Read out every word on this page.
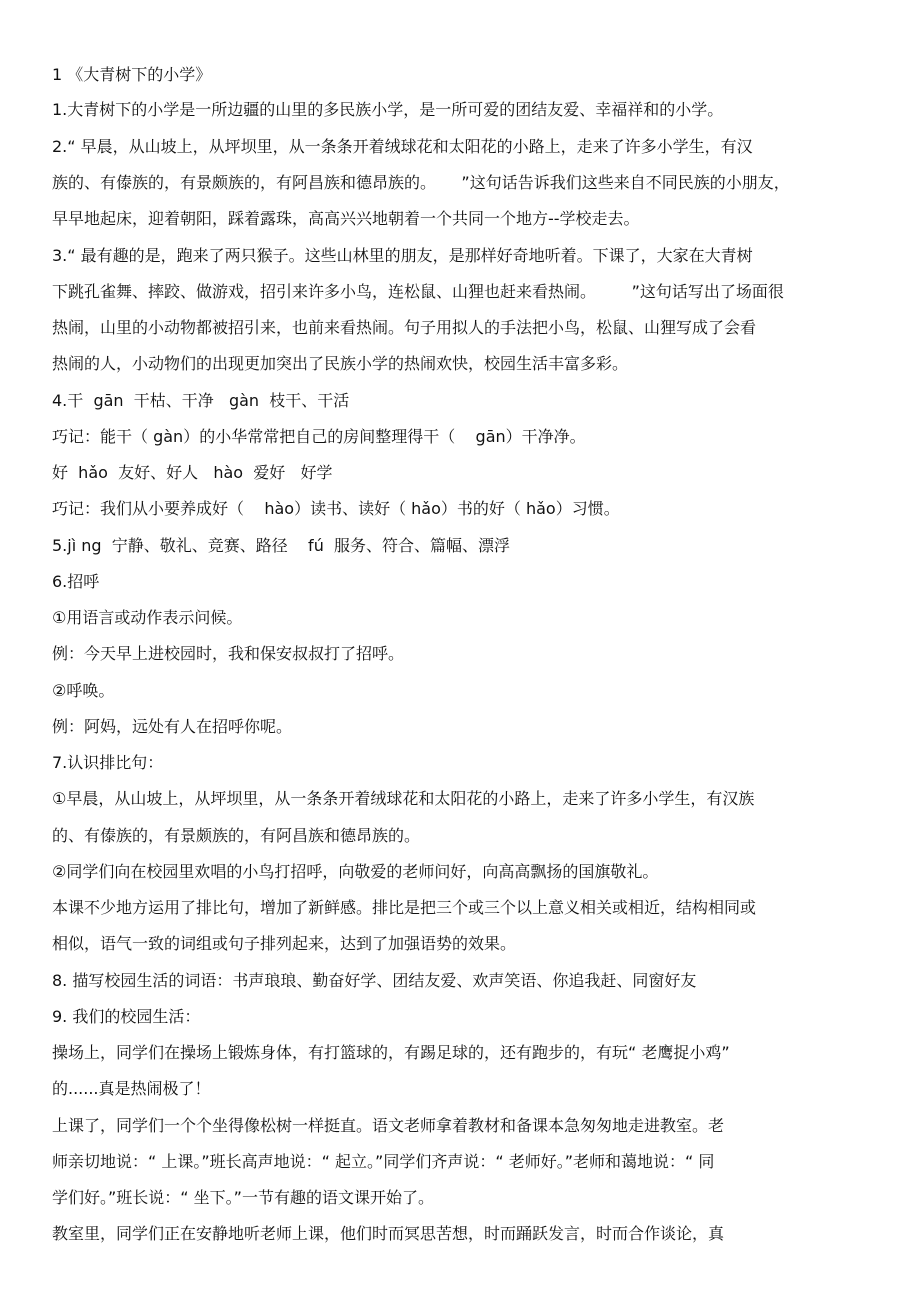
1 《大青树下的小学》

1.大青树下的小学是一所边疆的山里的多民族小学，是一所可爱的团结友爱、幸福祥和的小学。

2.“ 早晨，从山坡上，从坪坝里，从一条条开着绒球花和太阳花的小路上，走来了许多小学生，有汉

族的、有傣族的，有景颇族的，有阿昌族和德昂族的。     ”这句话告诉我们这些来自不同民族的小朋友，

早早地起床，迎着朝阳，踩着露珠，高高兴兴地朝着一个共同一个地方--学校走去。

3.“ 最有趣的是，跑来了两只猴子。这些山林里的朋友，是那样好奇地听着。下课了，大家在大青树

下跳孔雀舞、摔跤、做游戏，招引来许多小鸟，连松鼠、山狸也赶来看热闹。       ”这句话写出了场面很

热闹，山里的小动物都被招引来，也前来看热闹。句子用拟人的手法把小鸟，松鼠、山狸写成了会看

热闹的人，小动物们的出现更加突出了民族小学的热闹欢快，校园生活丰富多彩。

4.干  gān  干枯、干净   gàn  枝干、干活

巧记：能干（ gàn）的小华常常把自己的房间整理得干（    gān）干净净。

好  hǎo  友好、好人   hào  爱好   好学

巧记：我们从小要养成好（    hào）读书、读好（ hǎo）书的好（ hǎo）习惯。

5.jì ng  宁静、敬礼、竞赛、路径    fú  服务、符合、篇幅、漂浮

6.招呼

①用语言或动作表示问候。

例：今天早上进校园时，我和保安叔叔打了招呼。

②呼唤。

例：阿妈，远处有人在招呼你呢。

7.认识排比句：

①早晨，从山坡上，从坪坝里，从一条条开着绒球花和太阳花的小路上，走来了许多小学生，有汉族

的、有傣族的，有景颇族的，有阿昌族和德昂族的。

②同学们向在校园里欢唱的小鸟打招呼，向敬爱的老师问好，向高高飘扬的国旗敬礼。

本课不少地方运用了排比句，增加了新鲜感。排比是把三个或三个以上意义相关或相近，结构相同或

相似，语气一致的词组或句子排列起来，达到了加强语势的效果。

8. 描写校园生活的词语：书声琅琅、勤奋好学、团结友爱、欢声笑语、你追我赶、同窗好友

9. 我们的校园生活：

操场上，同学们在操场上锻炼身体，有打篮球的，有踢足球的，还有跑步的，有玩“ 老鹰捉小鸡”

的......真是热闹极了！

上课了，同学们一个个坐得像松树一样挺直。语文老师拿着教材和备课本急匆匆地走进教室。老

师亲切地说：“ 上课。”班长高声地说：“ 起立。”同学们齐声说：“ 老师好。”老师和蔼地说：“ 同

学们好。”班长说：“ 坐下。”一节有趣的语文课开始了。

教室里，同学们正在安静地听老师上课，他们时而冥思苦想，时而踊跃发言，时而合作谈论，真
